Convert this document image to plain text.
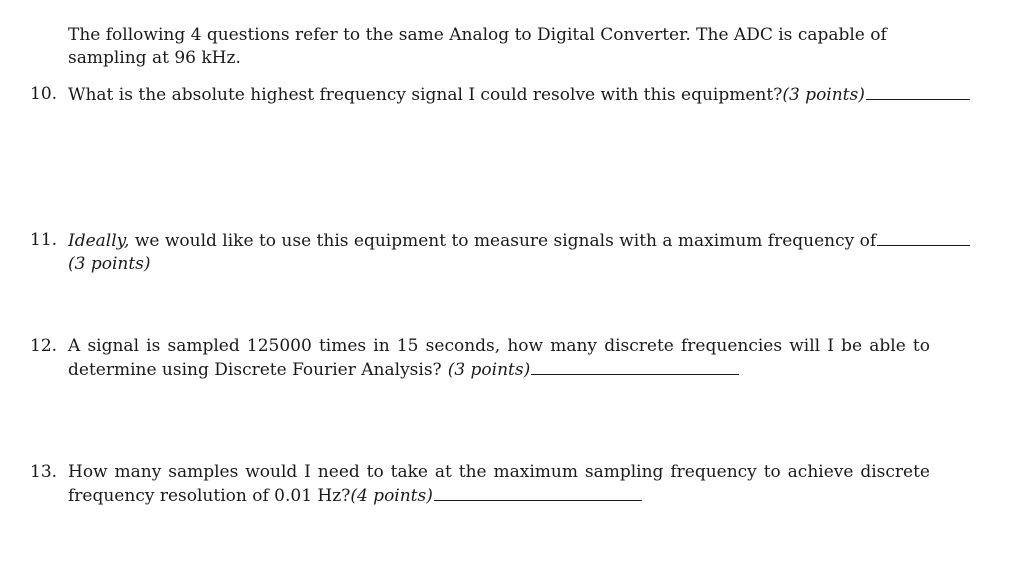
The following 4 questions refer to the same Analog to Digital Converter. The ADC is capable of
sampling at 96 kHz.
10. What is the absolute highest frequency signal I could resolve with this equipment? (3 points)
11. Ideally, we would like to use this equipment to measure signals with a maximum frequency of
(3 points)
12. A signal is sampled 125000 times in 15 seconds, how many discrete frequencies will I be able to
determine using Discrete Fourier Analysis? (3 points)
13. How many samples would I need to take at the maximum sampling frequency to achieve discrete
frequency resolution of 0.01 Hz? (4 points)
